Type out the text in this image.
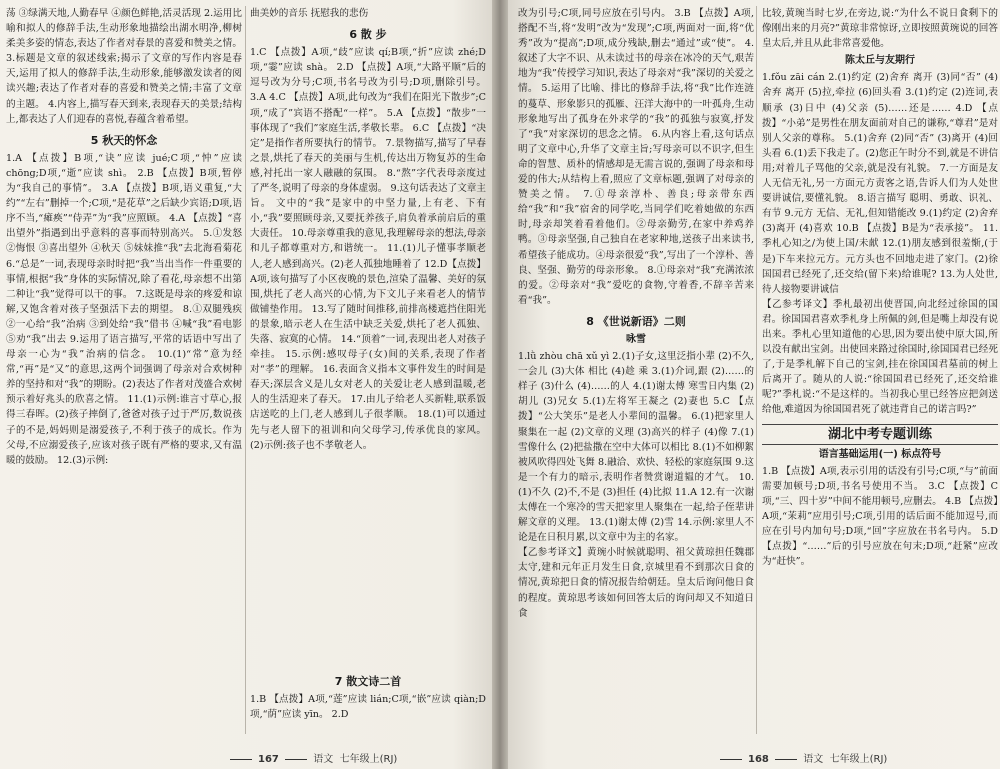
荡 ③绿满天地,人勤春早 ④颜色鲜艳,活灵活现 2.运用比喻和拟人的修辞手法,生动形象地描绘出湖水明净,柳树柔美多姿的情态,表达了作者对春景的喜爱和赞美之情。 3.标题是文章的叙述线索;揭示了文章的写作内容是春天,运用了拟人的修辞手法,生动形象,能够激发读者的阅读兴趣;表达了作者对春的喜爱和赞美之情;丰富了文章的主题。 4.内容上,描写春天到来,表现春天的美景;结构上,都表达了人们迎春的喜悦,春蕴含着希望。

5 秋天的怀念

1.A 【点拨】B项,“诀”应读 jué;C项,“忡”应读 chōng;D项,“逝”应读 shì。 2.B 【点拨】B项,暂停为“我自己的事情”。 3.A 【点拨】B项,语义重复,“大约”“左右”删掉一个;C项,“是花草”之后缺少宾语;D项,语序不当,“瘫痪”“侍弄”为“我”应照顾。 4.A 【点拨】“喜出望外”指遇到出乎意料的喜事而特别高兴。 5.①发怒 ②悔恨 ③喜出望外 ④秋天 ⑤妹妹推“我”去北海看菊花 6.“总是”一词,表现母亲时时把“我”当出当作一件重要的事情,根据“我”身体的实际情况,除了看花,母亲想不出第二种让“我”觉得可以干的事。 7.这既是母亲的疼爱和谅解,又饱含着对孩子坚强活下去的期望。 8.①双腿残疾 ②一心给“我”治病 ③到处给“我”借书 ④喊“我”看电影 ⑤劝“我”出去 9.运用了语言描写,平常的话语中写出了母亲一心为“我”治病的信念。 10.(1)“常”意为经常,“再”是“又”的意思,这两个词强调了母亲对合欢树种养的坚持和对“我”的期盼。(2)表达了作者对茂盛合欢树预示着好兆头的欣喜之情。 11.(1)示例:谁言寸草心,报得三春晖。(2)孩子摔倒了,爸爸对孩子过于严厉,数说孩子的不是,妈妈则是溺爱孩子,不利于孩子的成长。作为父母,不应溺爱孩子,应该对孩子既有严格的要求,又有温暖的鼓励。 12.(3)示例:

曲美妙的音乐 抚慰我的悲伤

6 散 步

1.C 【点拨】A项,“歧”应读 qí;B项,“折”应读 zhé;D项,“霎”应读 shà。 2.D 【点拨】A项,“大路平顺”后的逗号改为分号;C项,书名号改为引号;D项,删除引号。 3.A 4.C 【点拨】A项,此句改为“我们在阳光下散步”;C项,“成了”宾语不搭配“一样”。 5.A 【点拨】“散步”一事体现了“我们”家庭生活,孝敬长辈。 6.C 【点拨】“决定”是指作者所要执行的情节。 7.景物描写,描写了早春之景,烘托了春天的美丽与生机,传达出万物复苏的生命感,衬托出一家人融融的氛围。 8.“熬”字代表母亲度过了严冬,说明了母亲的身体虚弱。 9.这句话表达了文章主旨。 文中的“我”是家中的中坚力量,上有老、下有小,“我”要照顾母亲,又要抚养孩子,肩负着承前启后的重大责任。 10.母亲尊重我的意见,我理解母亲的想法,母亲和儿子都尊重对方,和谐统一。 11.(1)儿子懂事孝顺老人,老人感到高兴。(2)老人孤独地睡着了 12.D【点拨】A项,该句描写了小区夜晚的景色,渲染了温馨、美好的氛围,烘托了老人高兴的心情,为下文儿子来看老人的情节做铺垫作用。 13.写了随时间推移,前排高楼遮挡住阳光的景象,暗示老人在生活中缺乏关爱,烘托了老人孤独、失落、寂寞的心情。 14.“顶着”一词,表现出老人对孩子牵挂。 15.示例:感叹母子(女)间的关系,表现了作者对“孝”的理解。 16.表面含义指本文事件发生的时间是春天;深层含义是儿女对老人的关爱让老人感到温暖,老人的生活迎来了春天。 17.由儿子给老人买新鞋,联系饭店送吃的上门,老人感到儿子很孝顺。 18.(1)可以通过先与老人留下的祖训和向父母学习,传承优良的家风。 (2)示例:孩子也不孝敬老人。

7 散文诗二首

1.B 【点拨】A项,“莲”应读 lián;C项,“嵌”应读 qiàn;D项,“荫”应读 yīn。 2.D

167	语文 七年级上(RJ)

改为引号;C项,同号应放在引号内。 3.B 【点拨】A项,搭配不当,将“发明”改为“发现”;C项,两面对一面,将“优秀”改为“提高”;D项,成分残缺,删去“通过”或“使”。 4.叙述了大字不识、从未读过书的母亲在冰冷的天气,艰苦地为“我”传授学习知识,表达了母亲对“我”深切的关爱之情。 5.运用了比喻、排比的修辞手法,将“我”比作连涟的蔓草、形象影只的孤雁、汪洋大海中的一叶孤舟,生动形象地写出了孤身在外求学的“我”的孤独与寂寞,抒发了“我”对家深切的思念之情。 6.从内容上看,这句话点明了文章中心,升华了文章主旨;写母亲可以不识字,但生命的智慧、质朴的情感却是无需言说的,强调了母亲和母爱的伟大;从结构上看,照应了文章标题,强调了对母亲的赞美之情。 7.①母亲淳朴、善良;母亲带东西给“我”和“我”宿舍的同学吃,当同学们吃着她做的东西时,母亲却笑着看着他们。②母亲勤劳,在家中养鸡养鸭。③母亲坚强,自己独自在老家种地,送孩子出来读书,希望孩子能成功。④母亲很爱“我”,写出了一个淳朴、善良、坚强、勤劳的母亲形象。 8.①母亲对“我”充满浓浓的爱。②母亲对“我”爱吃的食物,守着香,不辞辛苦来看“我”。

8 《世说新语》二则
咏雪

1.lǜ zhòu chā xǔ yì 2.(1)子女,这里泛指小辈 (2)不久,一会儿 (3)大体 相比 (4)趁 乘 3.(1)介词,跟 (2)……的样子 (3)什么 (4)……的人 4.(1)谢太傅 寒雪日内集 (2)胡儿 (3)兄女 5.(1)左将军王凝之 (2)妻也 5.C 【点拨】“公大笑乐”是老人小辈间的温馨。 6.(1)把家里人聚集在一起 (2)文章的义理 (3)高兴的样子 (4)像 7.(1)雪像什么 (2)把盐撒在空中大体可以相比 8.(1)不如柳絮被风吹得四处飞舞 8.融洽、欢快、轻松的家庭氛围 9.这是一个有力的暗示,表明作者赞赏谢道韫的才气。 10.(1)不久 (2)不,不是 (3)担任 (4)比拟 11.A 12.有一次谢太傅在一个寒冷的雪天把家里人聚集在一起,给子侄辈讲解文章的义理。 13.(1)谢太傅 (2)雪 14.示例:家里人不论是在日积月累,以文章中为主的名家。

【乙参考译文】黄琬小时候就聪明、祖父黄琼担任魏郡太守,建和元年正月发生日食,京城里看不到那次日食的情况,黄琼把日食的情况报告给朝廷。皇太后询问他日食的程度。黄琼思考该如何回答太后的询问却又不知道日食

比较,黄琬当时七岁,在旁边,说:“为什么不说日食剩下的像刚出来的月亮?”黄琼非常惊讶,立即按照黄琬说的回答皇太后,并且从此非常喜爱他。

陈太丘与友期行

1.fǒu zāi cán 2.(1)约定 (2)舍弃 离开 (3)同“否” (4)舍弃 离开 (5)拉,牵拉 (6)回头看 3.(1)约定 (2)连词,表顺承 (3)日中 (4)父亲 (5)……还是…… 4.D 【点拨】“小弟”是男性在朋友面前对自己的谦称,“尊君”是对别人父亲的尊称。 5.(1)舍弃 (2)同“否” (3)离开 (4)回头看 6.(1)丢下我走了。(2)您正午时分不到,就是不讲信用;对着儿子骂他的父亲,就是没有礼貌。 7.一方面是友人无信无礼,另一方面元方责客之语,告诉人们为人处世要讲诚信,要懂礼貌。 8.语言描写 聪明、勇敢、识礼、有节 9.元方 无信、无礼,但知错能改 9.(1)约定 (2)舍弃 (3)离开 (4)喜欢 10.B 【点拨】B是为“表承接”。 11.季札心知之/为使上国/未献 12.(1)朋友感到很羞惭,(于是)下车来拉元方。元方头也不回地走进了家门。(2)徐国国君已经死了,还交给(留下来)给谁呢? 13.为人处世,待人接物要讲诚信

【乙参考译文】季札最初出使晋国,向北经过徐国的国君。徐国国君喜欢季札身上所佩的剑,但是嘴上却没有说出来。季札心里知道他的心思,因为要出使中原大国,所以没有献出宝剑。出使回来路过徐国时,徐国国君已经死了,于是季札解下自己的宝剑,挂在徐国国君墓前的树上后离开了。随从的人说:“徐国国君已经死了,还交给谁呢?”季札说:“不是这样的。当初我心里已经答应把剑送给他,难道因为徐国国君死了就违背自己的诺言吗?”

湖北中考专题训练
语言基础运用(一) 标点符号

1.B 【点拨】A项,表示引用的话没有引号;C项,“与”前面需要加顿号;D项,书名号使用不当。 3.C 【点拨】C项,“三、四十岁”中间不能用顿号,应删去。 4.B 【点拨】A项,“茉莉”应用引号;C项,引用的话后面不能加逗号,而应在引号内加句号;D项,“回”字应放在书名号内。 5.D 【点拨】“……”后的引号应放在句末;D项,“赶紧”应改为“赶快”。

168	语文 七年级上(RJ)
